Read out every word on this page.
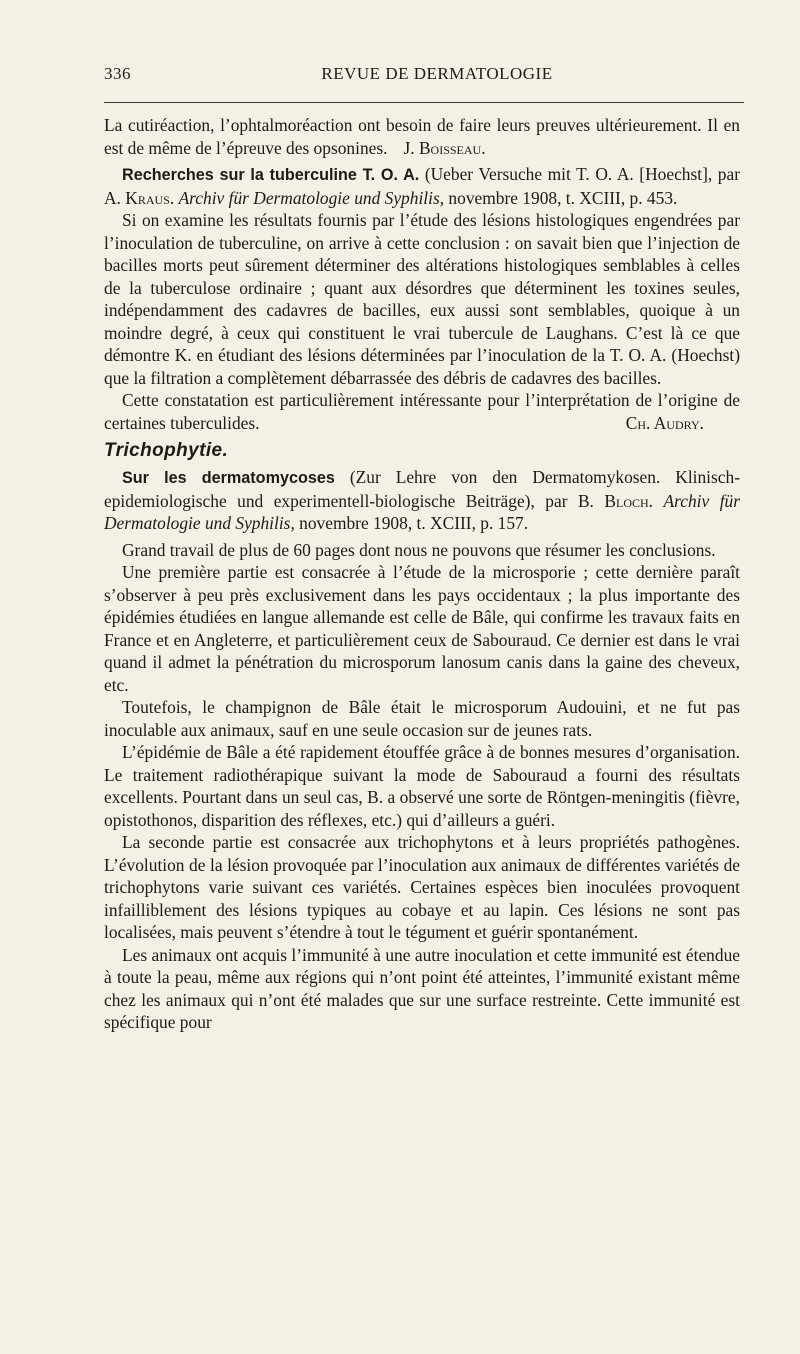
336	REVUE DE DERMATOLOGIE

La cutiréaction, l’ophtalmoréaction ont besoin de faire leurs preuves ultérieurement. Il en est de même de l’épreuve des opsonines. J. Boisseau.

Recherches sur la tuberculine T. O. A. (Ueber Versuche mit T. O. A. [Hoechst], par A. Kraus. Archiv für Dermatologie und Syphilis, novembre 1908, t. XCIII, p. 453.

Si on examine les résultats fournis par l’étude des lésions histologiques engendrées par l’inoculation de tuberculine, on arrive à cette conclusion : on savait bien que l’injection de bacilles morts peut sûrement déterminer des altérations histologiques semblables à celles de la tuberculose ordinaire ; quant aux désordres que déterminent les toxines seules, indépendamment des cadavres de bacilles, eux aussi sont semblables, quoique à un moindre degré, à ceux qui constituent le vrai tubercule de Laughans. C’est là ce que démontre K. en étudiant des lésions déterminées par l’inoculation de la T. O. A. (Hoechst) que la filtration a complètement débarrassée des débris de cadavres des bacilles.

Cette constatation est particulièrement intéressante pour l’interprétation de l’origine de certaines tuberculides.	Ch. Audry.

Trichophytie.

Sur les dermatomycoses (Zur Lehre von den Dermatomykosen. Klinisch-epidemiologische und experimentell-biologische Beiträge), par B. Bloch. Archiv für Dermatologie und Syphilis, novembre 1908, t. XCIII, p. 157.

Grand travail de plus de 60 pages dont nous ne pouvons que résumer les conclusions.

Une première partie est consacrée à l’étude de la microsporie ; cette dernière paraît s’observer à peu près exclusivement dans les pays occidentaux ; la plus importante des épidémies étudiées en langue allemande est celle de Bâle, qui confirme les travaux faits en France et en Angleterre, et particulièrement ceux de Sabouraud. Ce dernier est dans le vrai quand il admet la pénétration du microsporum lanosum canis dans la gaine des cheveux, etc.

Toutefois, le champignon de Bâle était le microsporum Audouini, et ne fut pas inoculable aux animaux, sauf en une seule occasion sur de jeunes rats.

L’épidémie de Bâle a été rapidement étouffée grâce à de bonnes mesures d’organisation. Le traitement radiothérapique suivant la mode de Sabouraud a fourni des résultats excellents. Pourtant dans un seul cas, B. a observé une sorte de Röntgen-meningitis (fièvre, opistothonos, disparition des réflexes, etc.) qui d’ailleurs a guéri.

La seconde partie est consacrée aux trichophytons et à leurs propriétés pathogènes. L’évolution de la lésion provoquée par l’inoculation aux animaux de différentes variétés de trichophytons varie suivant ces variétés. Certaines espèces bien inoculées provoquent infailliblement des lésions typiques au cobaye et au lapin. Ces lésions ne sont pas localisées, mais peuvent s’étendre à tout le tégument et guérir spontanément.

Les animaux ont acquis l’immunité à une autre inoculation et cette immunité est étendue à toute la peau, même aux régions qui n’ont point été atteintes, l’immunité existant même chez les animaux qui n’ont été malades que sur une surface restreinte. Cette immunité est spécifique pour
